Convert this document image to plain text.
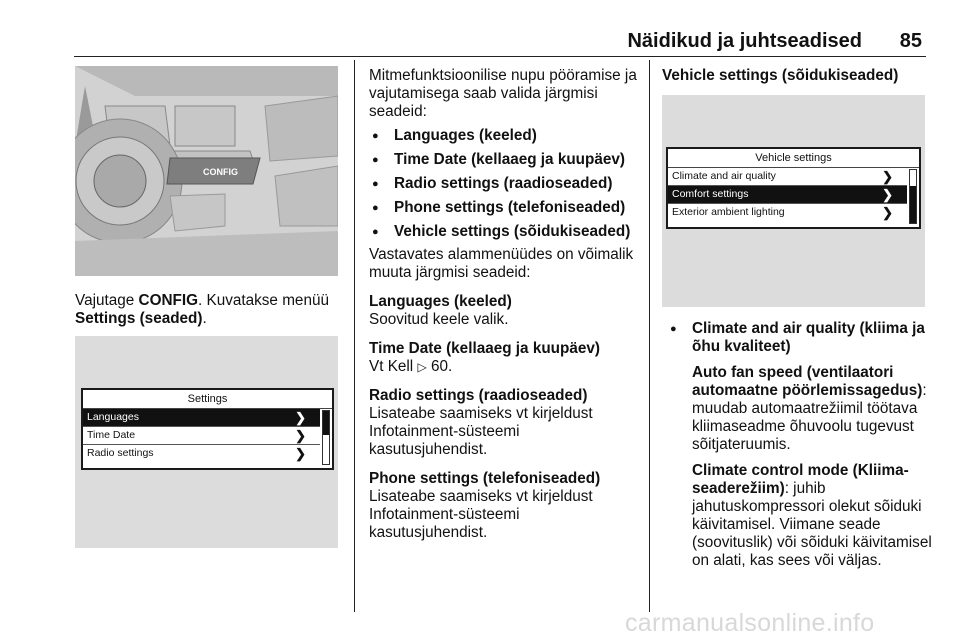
Näidikud ja juhtseadised	85
CONFIG

Vajutage CONFIG. Kuvatakse menüü Settings (seaded).

Settings
Languages	❯
Time Date	❯
Radio settings	❯

Mitmefunktsioonilise nupu pööramise ja vajutamisega saab valida järgmisi seadeid:

● Languages (keeled)
● Time Date (kellaaeg ja kuupäev)
● Radio settings (raadioseaded)
● Phone settings (telefoniseaded)
● Vehicle settings (sõidukiseaded)

Vastavates alammenüüdes on võimalik muuta järgmisi seadeid:

Languages (keeled)

Soovitud keele valik.

Time Date (kellaaeg ja kuupäev)

Vt Kell ▷ 60.

Radio settings (raadioseaded)

Lisateabe saamiseks vt kirjeldust Infotainment-süsteemi kasutusjuhendist.

Phone settings (telefoniseaded)

Lisateabe saamiseks vt kirjeldust Infotainment-süsteemi kasutusjuhendist.

Vehicle settings (sõidukiseaded)

Vehicle settings
Climate and air quality	❯
Comfort settings	❯
Exterior ambient lighting	❯
● Climate and air quality (kliima ja õhu kvaliteet)

Auto fan speed (ventilaatori automaatne pöörlemissagedus): muudab automaatrežiimil töötava kliimaseadme õhuvoolu tugevust sõitjateruumis.

Climate control mode (Kliima-seaderežiim): juhib jahutuskompressori olekut sõiduki käivitamisel. Viimane seade (soovituslik) või sõiduki käivitamisel on alati, kas sees või väljas.

carmanualsonline.info
